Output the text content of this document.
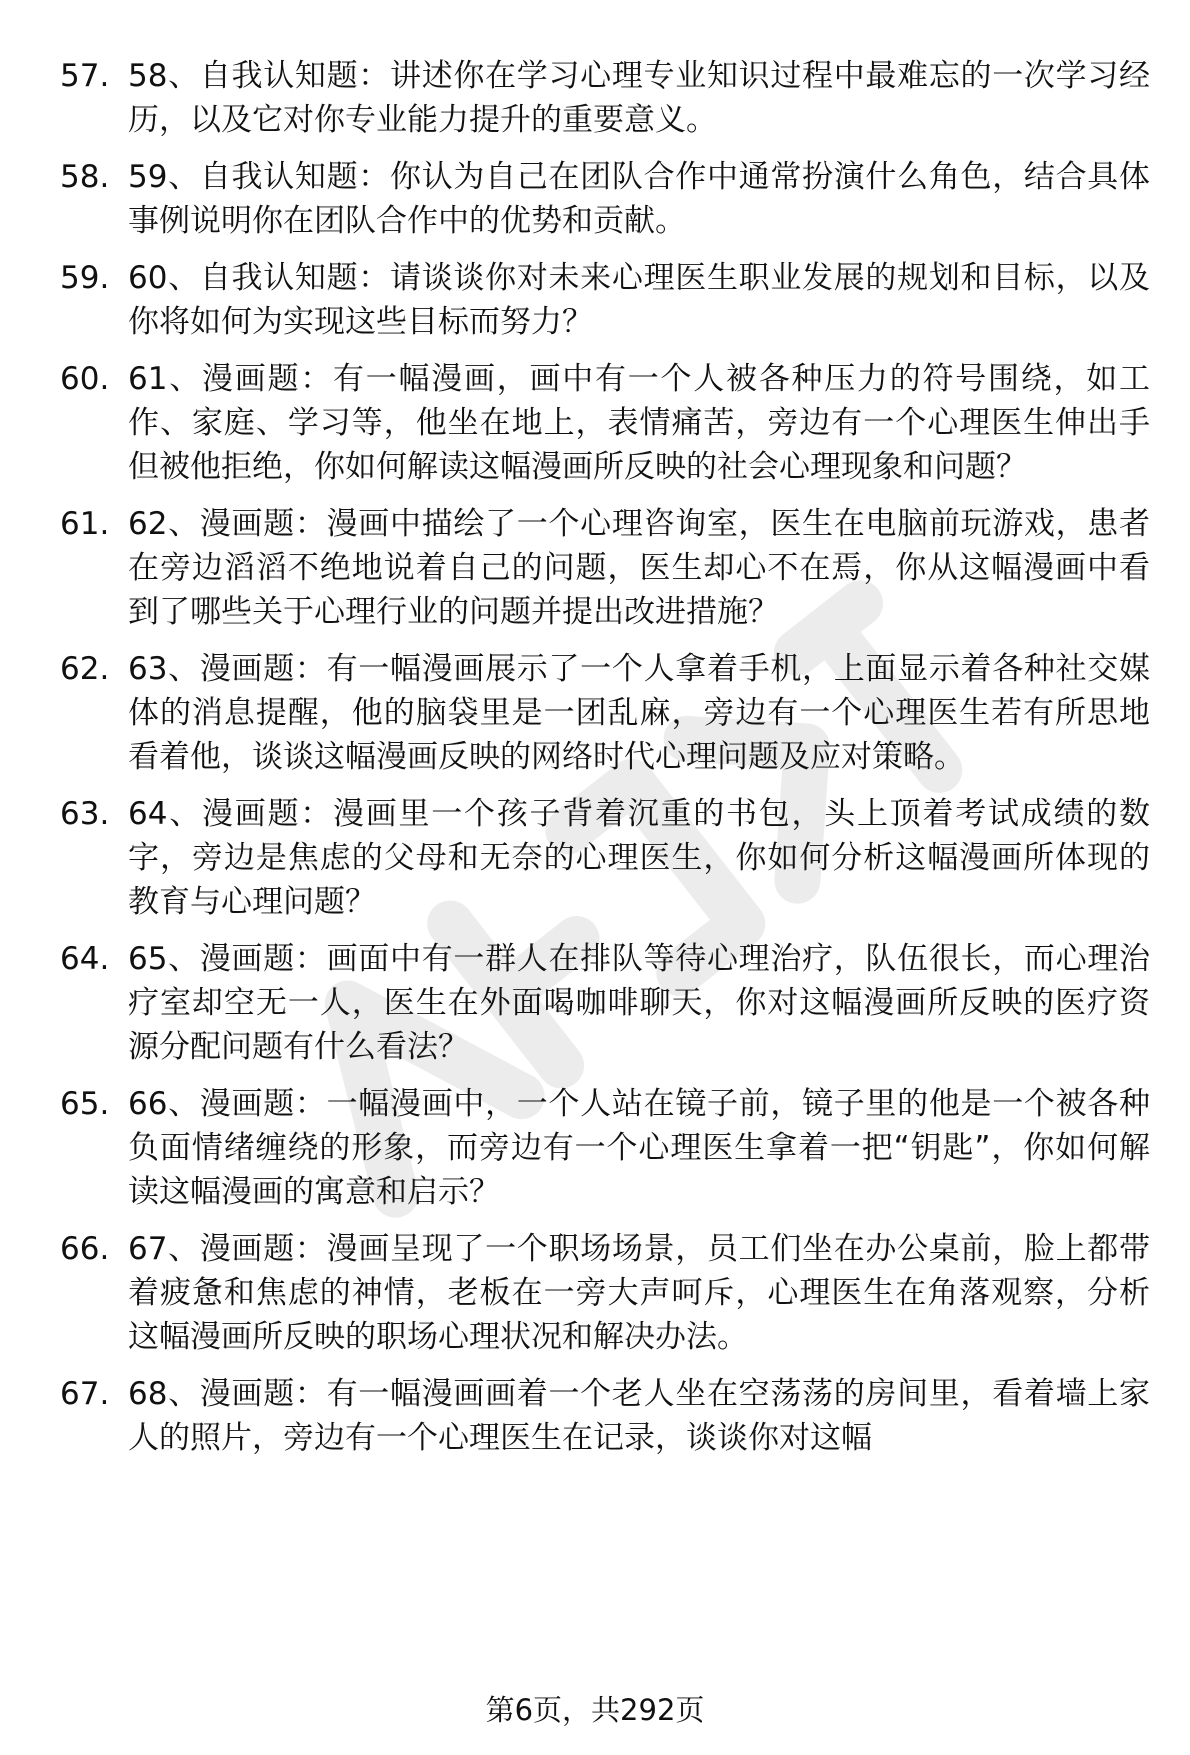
57. 58、自我认知题：讲述你在学习心理专业知识过程中最难忘的一次学习经历，以及它对你专业能力提升的重要意义。
58. 59、自我认知题：你认为自己在团队合作中通常扮演什么角色，结合具体事例说明你在团队合作中的优势和贡献。
59. 60、自我认知题：请谈谈你对未来心理医生职业发展的规划和目标，以及你将如何为实现这些目标而努力？
60. 61、漫画题：有一幅漫画，画中有一个人被各种压力的符号围绕，如工作、家庭、学习等，他坐在地上，表情痛苦，旁边有一个心理医生伸出手但被他拒绝，你如何解读这幅漫画所反映的社会心理现象和问题？
61. 62、漫画题：漫画中描绘了一个心理咨询室，医生在电脑前玩游戏，患者在旁边滔滔不绝地说着自己的问题，医生却心不在焉，你从这幅漫画中看到了哪些关于心理行业的问题并提出改进措施？
62. 63、漫画题：有一幅漫画展示了一个人拿着手机，上面显示着各种社交媒体的消息提醒，他的脑袋里是一团乱麻，旁边有一个心理医生若有所思地看着他，谈谈这幅漫画反映的网络时代心理问题及应对策略。
63. 64、漫画题：漫画里一个孩子背着沉重的书包，头上顶着考试成绩的数字，旁边是焦虑的父母和无奈的心理医生，你如何分析这幅漫画所体现的教育与心理问题？
64. 65、漫画题：画面中有一群人在排队等待心理治疗，队伍很长，而心理治疗室却空无一人，医生在外面喝咖啡聊天，你对这幅漫画所反映的医疗资源分配问题有什么看法？
65. 66、漫画题：一幅漫画中，一个人站在镜子前，镜子里的他是一个被各种负面情绪缠绕的形象，而旁边有一个心理医生拿着一把“钥匙”，你如何解读这幅漫画的寓意和启示？
66. 67、漫画题：漫画呈现了一个职场场景，员工们坐在办公桌前，脸上都带着疲惫和焦虑的神情，老板在一旁大声呵斥，心理医生在角落观察，分析这幅漫画所反映的职场心理状况和解决办法。
67. 68、漫画题：有一幅漫画画着一个老人坐在空荡荡的房间里，看着墙上家人的照片，旁边有一个心理医生在记录，谈谈你对这幅
第6页，共292页
